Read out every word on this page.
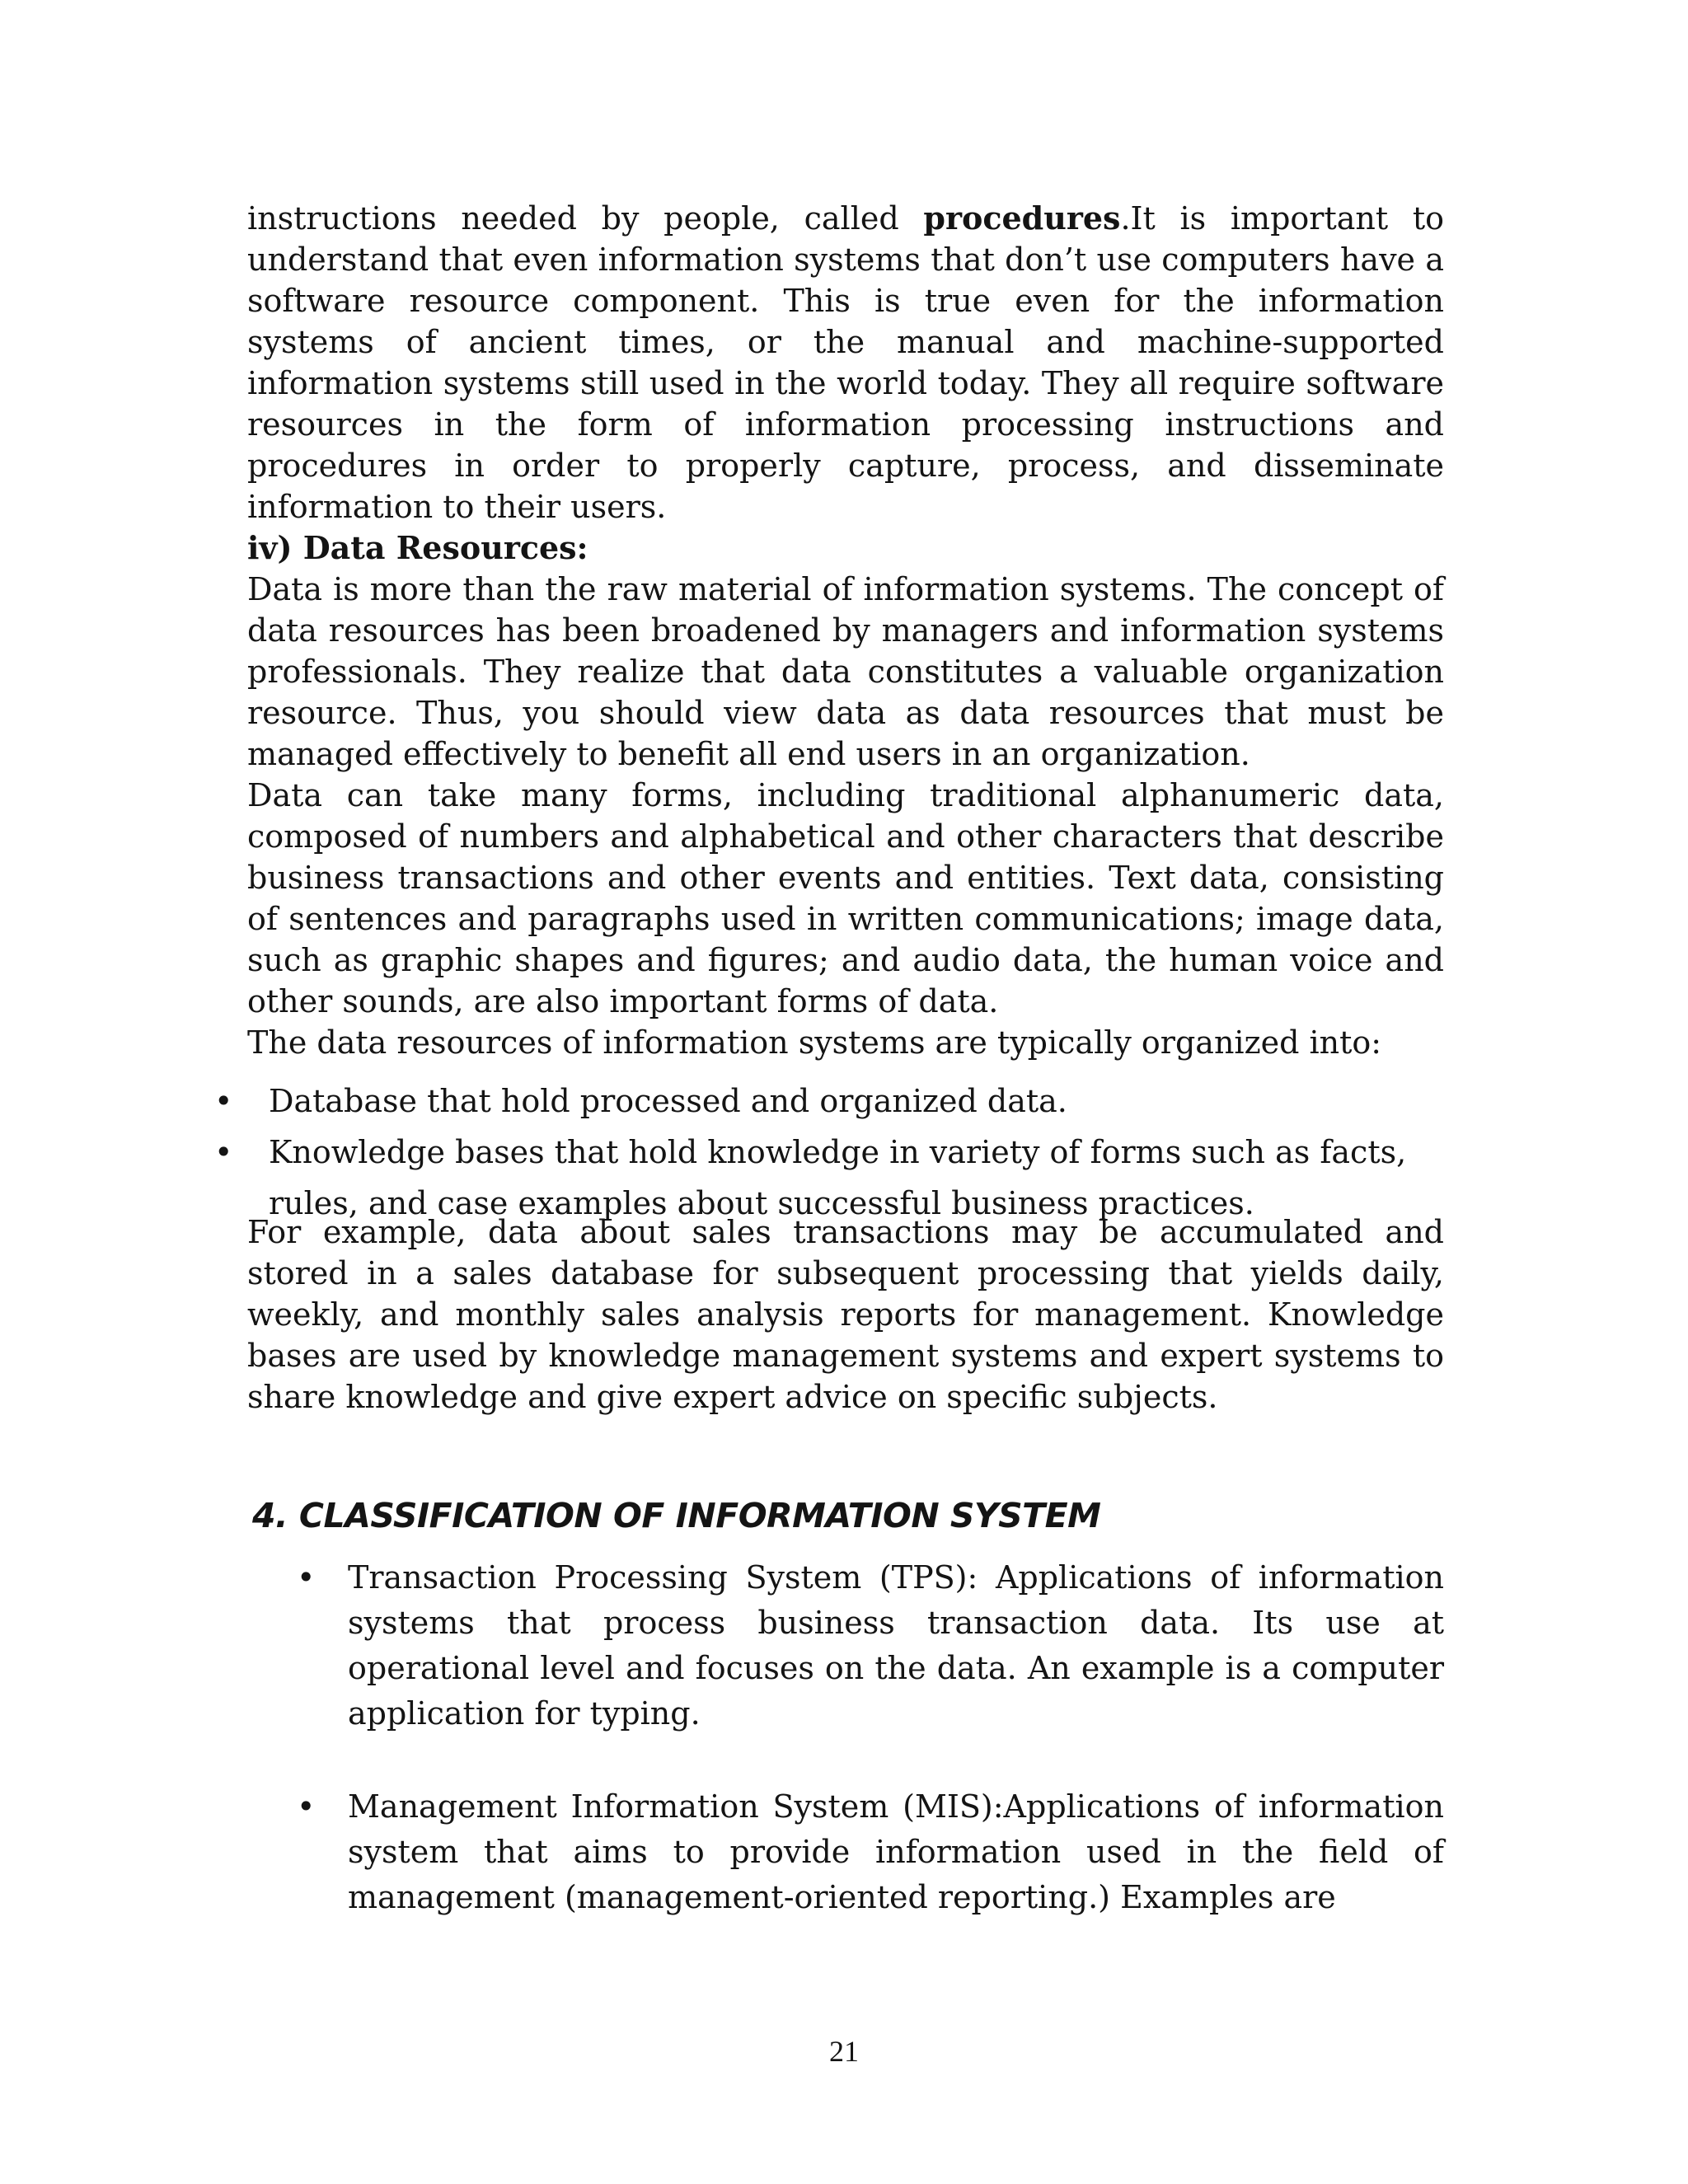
instructions needed by people, called procedures.It is important to understand that even information systems that don’t use computers have a software resource component. This is true even for the information systems of ancient times, or the manual and machine-supported information systems still used in the world today. They all require software resources in the form of information processing instructions and procedures in order to properly capture, process, and disseminate information to their users.

iv) Data Resources:

Data is more than the raw material of information systems. The concept of data resources has been broadened by managers and information systems professionals. They realize that data constitutes a valuable organization resource. Thus, you should view data as data resources that must be managed effectively to benefit all end users in an organization.

Data can take many forms, including traditional alphanumeric data, composed of numbers and alphabetical and other characters that describe business transactions and other events and entities. Text data, consisting of sentences and paragraphs used in written communications; image data, such as graphic shapes and figures; and audio data, the human voice and other sounds, are also important forms of data.

The data resources of information systems are typically organized into:

•	Database that hold processed and organized data.
•	Knowledge bases that hold knowledge in variety of forms such as facts, rules, and case examples about successful business practices.

For example, data about sales transactions may be accumulated and stored in a sales database for subsequent processing that yields daily, weekly, and monthly sales analysis reports for management. Knowledge bases are used by knowledge management systems and expert systems to share knowledge and give expert advice on specific subjects.

4. CLASSIFICATION OF INFORMATION SYSTEM
•	Transaction Processing System (TPS): Applications of information systems that process business transaction data. Its use at operational level and focuses on the data. An example is a computer application for typing.
•	Management Information System (MIS):Applications of information system that aims to provide information used in the field of management (management-oriented reporting.) Examples are
21
